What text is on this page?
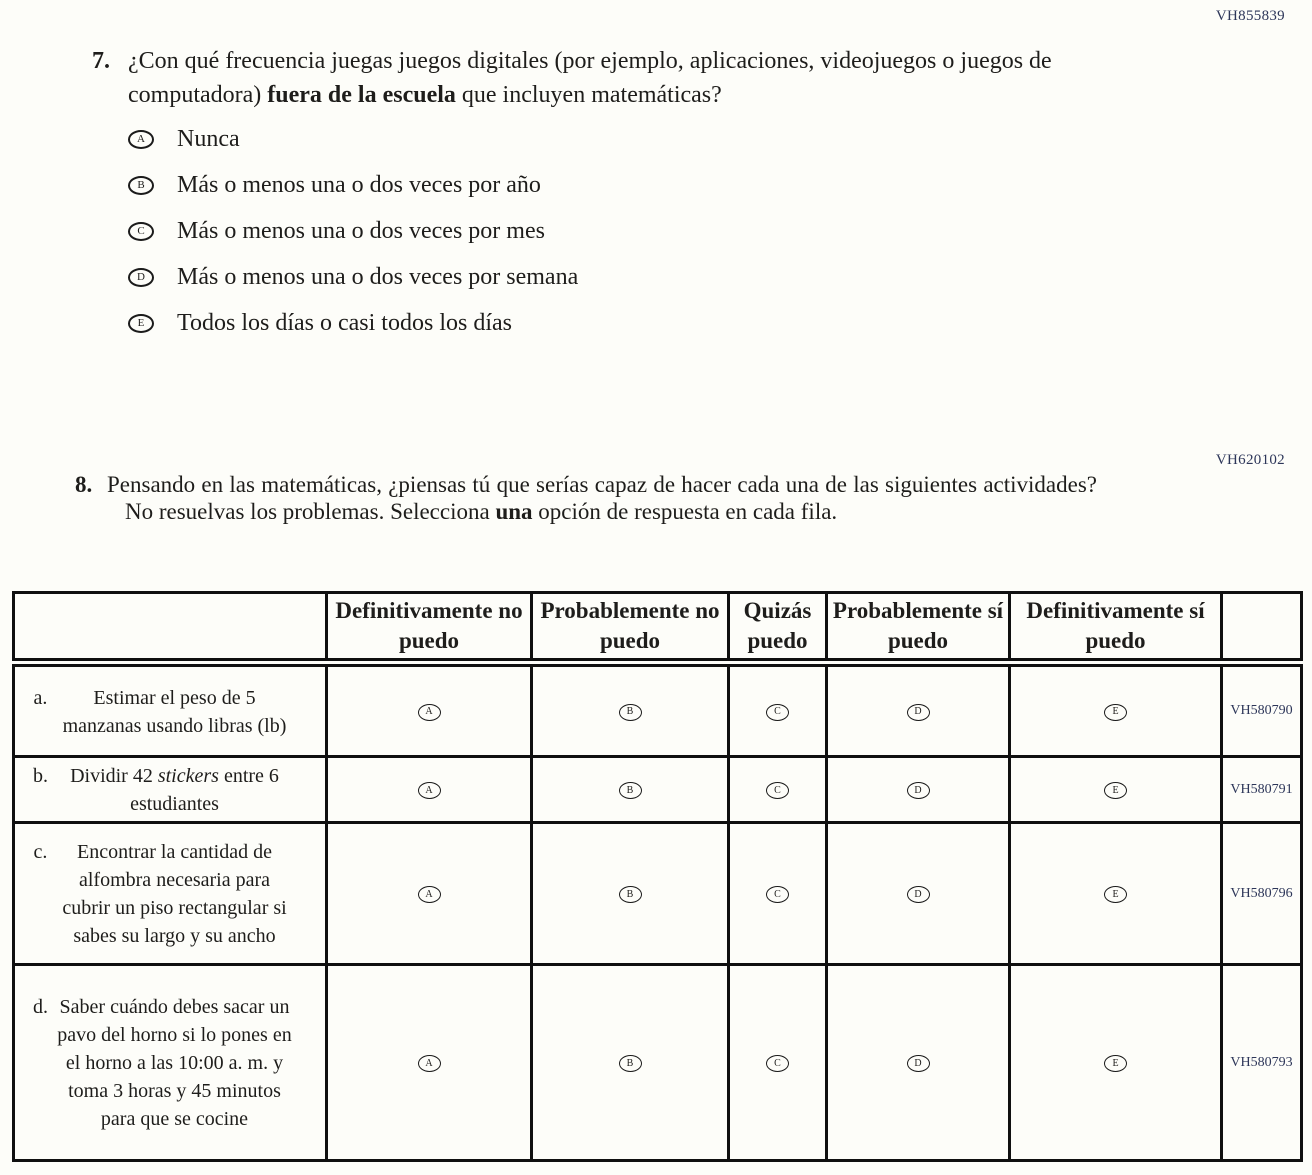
VH855839
7. ¿Con qué frecuencia juegas juegos digitales (por ejemplo, aplicaciones, videojuegos o juegos de computadora) fuera de la escuela que incluyen matemáticas?
A	Nunca
B	Más o menos una o dos veces por año
C	Más o menos una o dos veces por mes
D	Más o menos una o dos veces por semana
E	Todos los días o casi todos los días
VH620102
8. Pensando en las matemáticas, ¿piensas tú que serías capaz de hacer cada una de las siguientes actividades? No resuelvas los problemas. Selecciona una opción de respuesta en cada fila.
	Definitivamente no puedo	Probablemente no puedo	Quizás puedo	Probablemente sí puedo	Definitivamente sí puedo	

a. Estimar el peso de 5 manzanas usando libras (lb)	A	B	C	D	E	VH580790

b. Dividir 42 stickers entre 6 estudiantes	A	B	C	D	E	VH580791

c. Encontrar la cantidad de alfombra necesaria para cubrir un piso rectangular si sabes su largo y su ancho	A	B	C	D	E	VH580796

d. Saber cuándo debes sacar un pavo del horno si lo pones en el horno a las 10:00 a. m. y toma 3 horas y 45 minutos para que se cocine	A	B	C	D	E	VH580793
